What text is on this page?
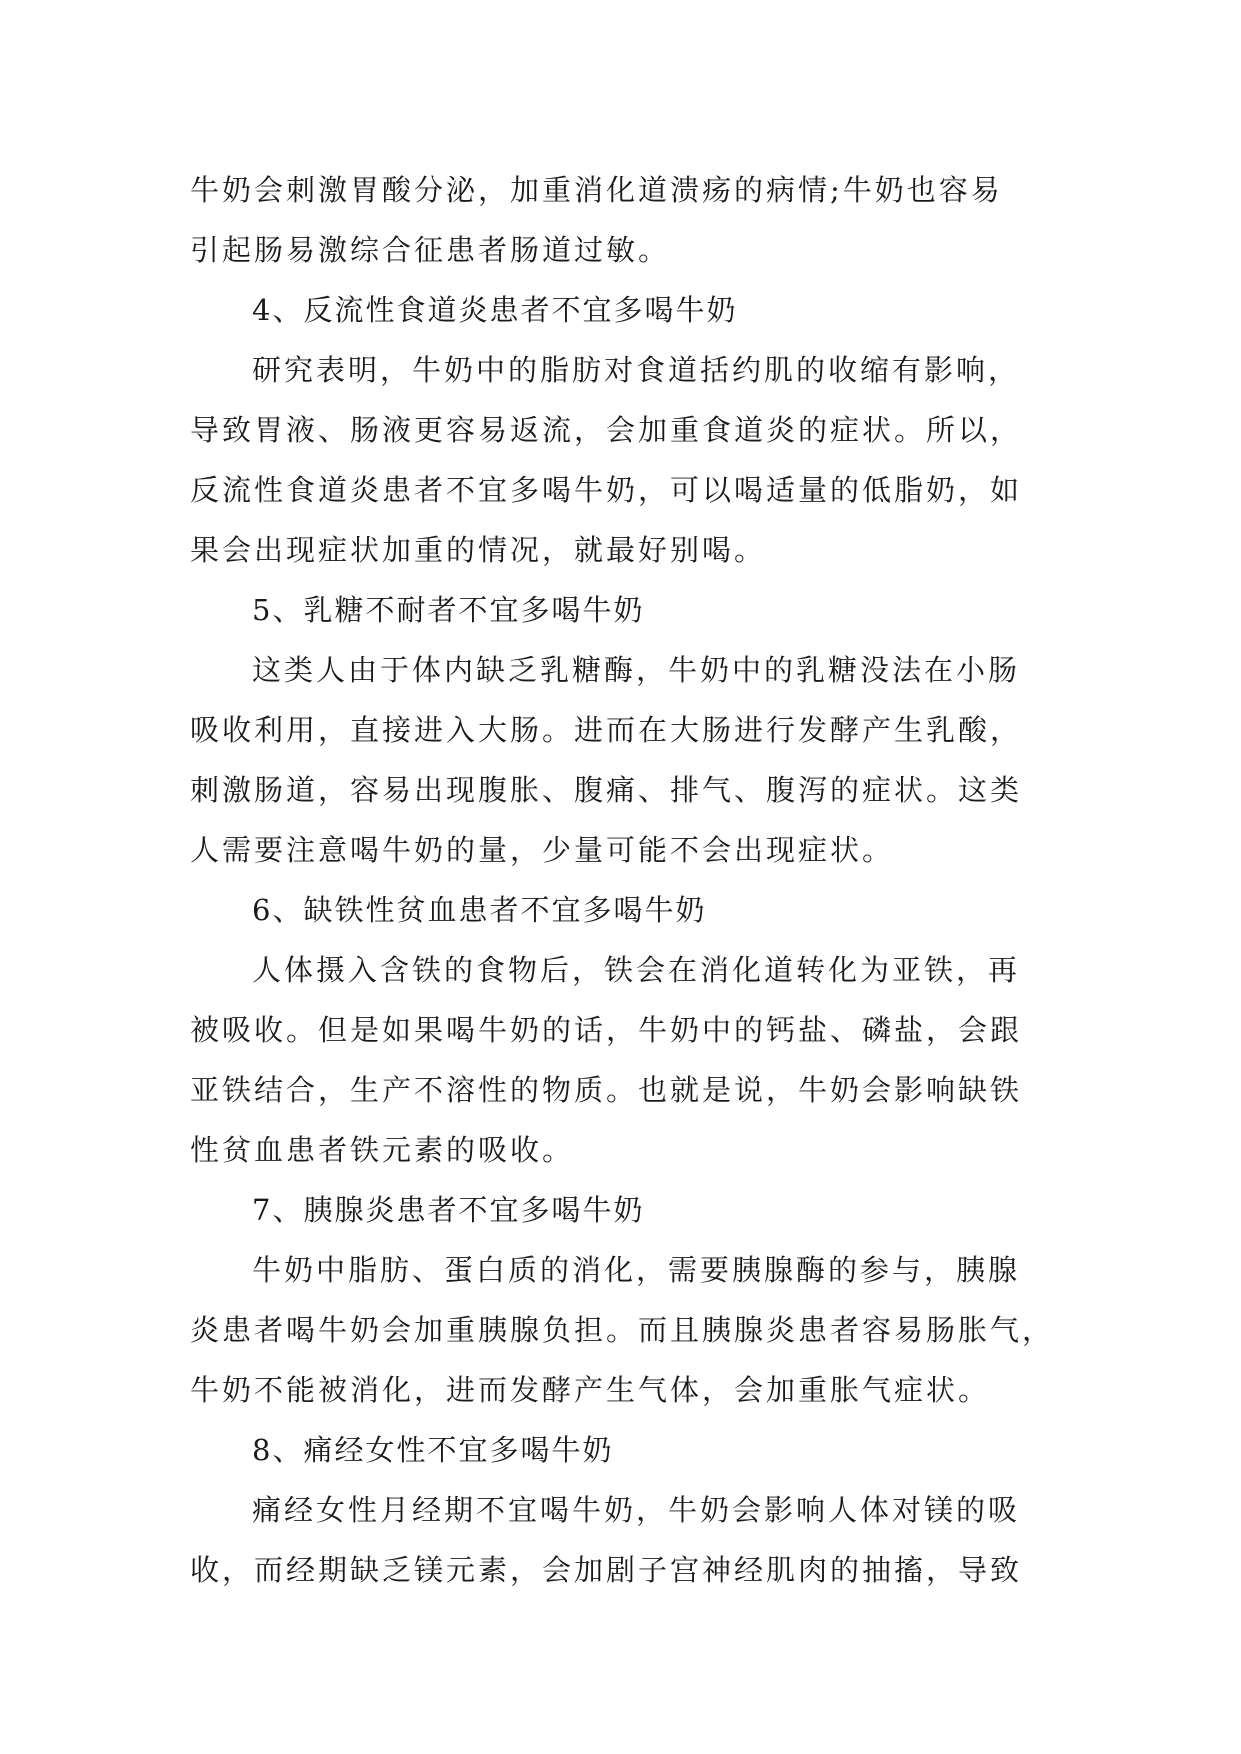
牛奶会刺激胃酸分泌，加重消化道溃疡的病情;牛奶也容易
引起肠易激综合征患者肠道过敏。
4、反流性食道炎患者不宜多喝牛奶
研究表明，牛奶中的脂肪对食道括约肌的收缩有影响，
导致胃液、肠液更容易返流，会加重食道炎的症状。所以，
反流性食道炎患者不宜多喝牛奶，可以喝适量的低脂奶，如
果会出现症状加重的情况，就最好别喝。
5、乳糖不耐者不宜多喝牛奶
这类人由于体内缺乏乳糖酶，牛奶中的乳糖没法在小肠
吸收利用，直接进入大肠。进而在大肠进行发酵产生乳酸，
刺激肠道，容易出现腹胀、腹痛、排气、腹泻的症状。这类
人需要注意喝牛奶的量，少量可能不会出现症状。
6、缺铁性贫血患者不宜多喝牛奶
人体摄入含铁的食物后，铁会在消化道转化为亚铁，再
被吸收。但是如果喝牛奶的话，牛奶中的钙盐、磷盐，会跟
亚铁结合，生产不溶性的物质。也就是说，牛奶会影响缺铁
性贫血患者铁元素的吸收。
7、胰腺炎患者不宜多喝牛奶
牛奶中脂肪、蛋白质的消化，需要胰腺酶的参与，胰腺
炎患者喝牛奶会加重胰腺负担。而且胰腺炎患者容易肠胀气，
牛奶不能被消化，进而发酵产生气体，会加重胀气症状。
8、痛经女性不宜多喝牛奶
痛经女性月经期不宜喝牛奶，牛奶会影响人体对镁的吸
收，而经期缺乏镁元素，会加剧子宫神经肌肉的抽搐，导致
